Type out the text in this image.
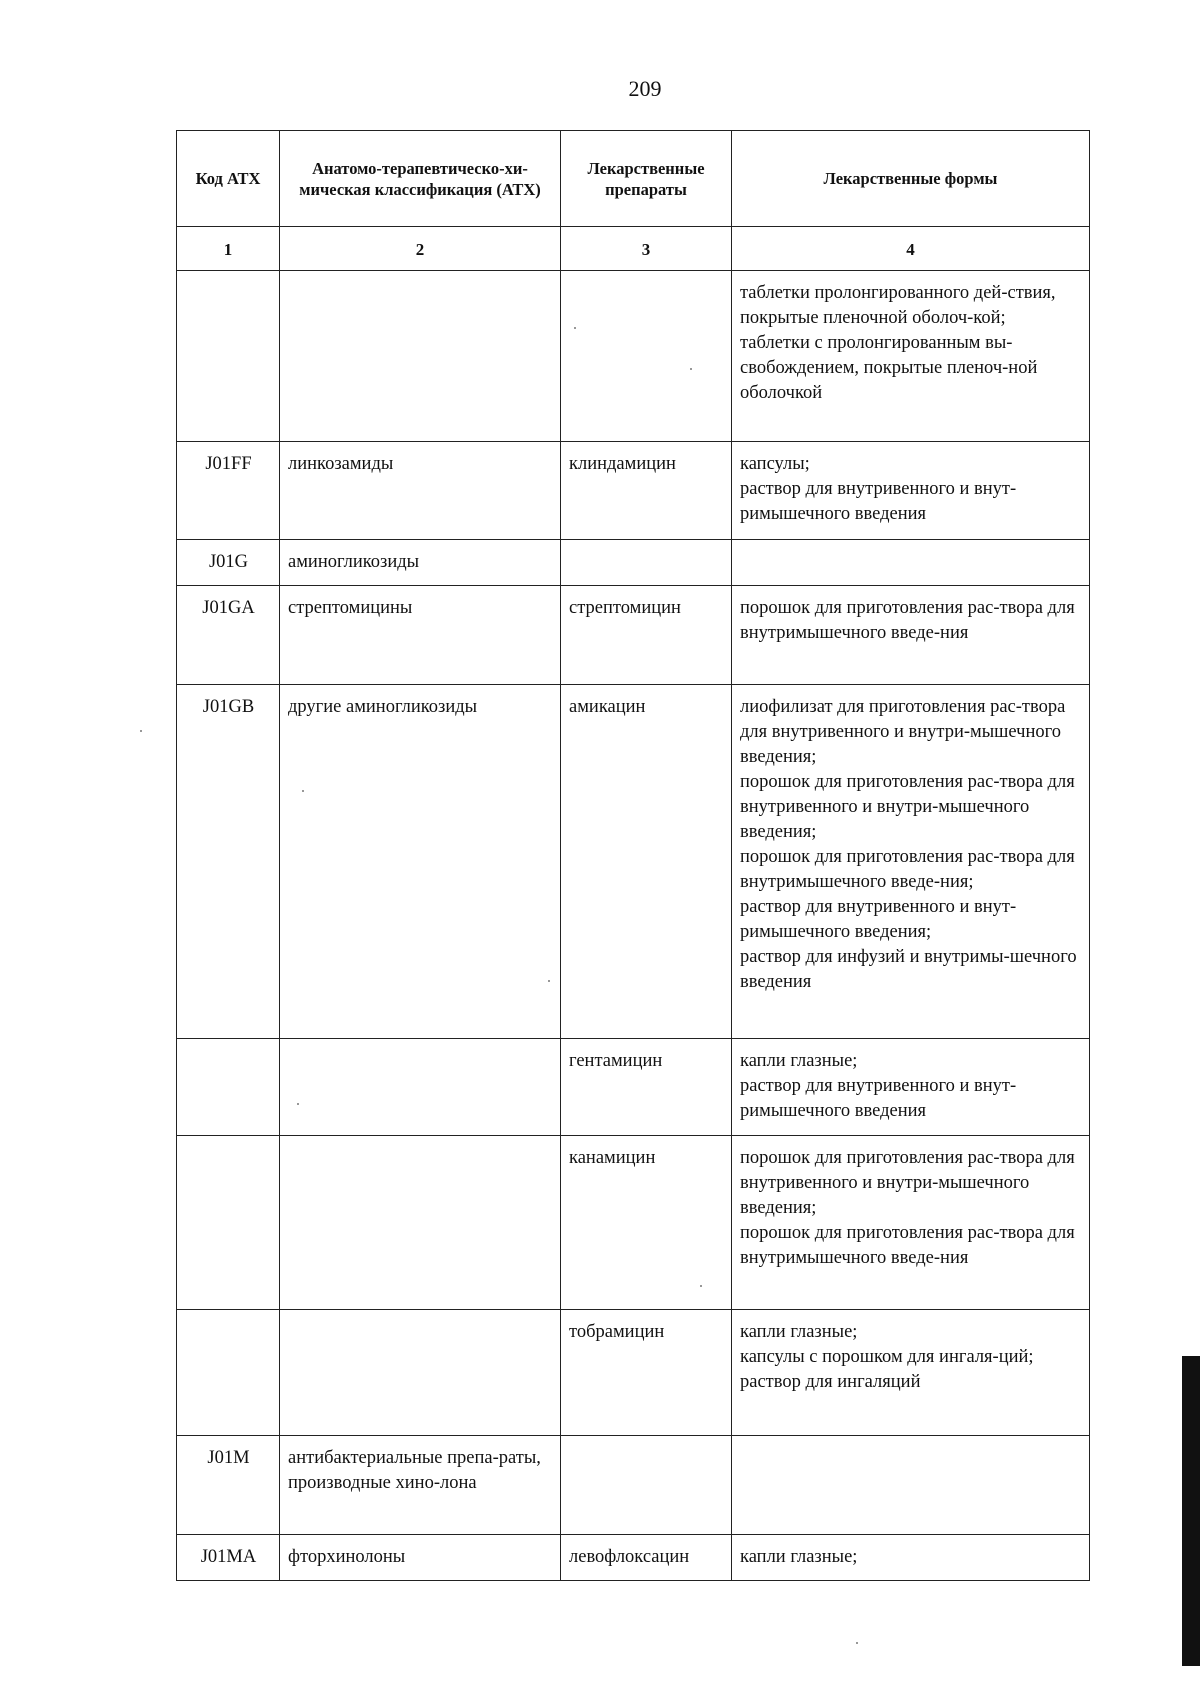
209
Код АТХ	Анатомо-терапевтическо-хи-мическая классификация (АТХ)	Лекарственные препараты	Лекарственные формы
1	2	3	4

			таблетки пролонгированного дей-ствия, покрытые пленочной оболоч-кой;
таблетки с пролонгированным вы-свобождением, покрытые пленоч-ной оболочкой

J01FF	линкозамиды	клиндамицин	капсулы;
раствор для внутривенного и внут-римышечного введения

J01G	аминогликозиды		
J01GA	стрептомицины	стрептомицин	порошок для приготовления рас-твора для внутримышечного введе-ния

J01GB	другие аминогликозиды	амикацин	лиофилизат для приготовления рас-твора для внутривенного и внутри-мышечного введения;
порошок для приготовления рас-твора для внутривенного и внутри-мышечного введения;
порошок для приготовления рас-твора для внутримышечного введе-ния;
раствор для внутривенного и внут-римышечного введения;
раствор для инфузий и внутримы-шечного введения

		гентамицин	капли глазные;
раствор для внутривенного и внут-римышечного введения

		канамицин	порошок для приготовления рас-твора для внутривенного и внутри-мышечного введения;
порошок для приготовления рас-твора для внутримышечного введе-ния

		тобрамицин	капли глазные;
капсулы с порошком для ингаля-ций;
раствор для ингаляций

J01M	антибактериальные препа-раты, производные хино-лона		
J01MA	фторхинолоны	левофлоксацин	капли глазные;
